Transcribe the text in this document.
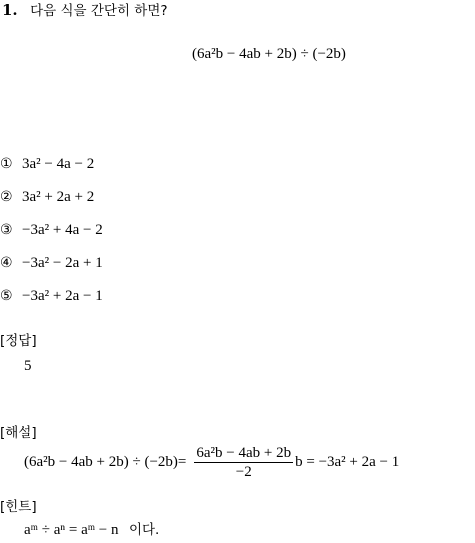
1. 다음 식을 간단히 하면?
(6a²b − 4ab + 2b) ÷ (−2b)
① 3a² − 4a − 2
② 3a² + 2a + 2
③ −3a² + 4a − 2
④ −3a² − 2a + 1
⑤ −3a² + 2a − 1
[정답]
5
[해설]
$(6a^2b - 4ab + 2b) \div (-2b)= \frac{\text{6a²b − 4ab + 2b}}{-2}$ b = −3a² + 2a − 1
[힌트]
aᵐ ÷ aⁿ = aᵐ − n 이다.
